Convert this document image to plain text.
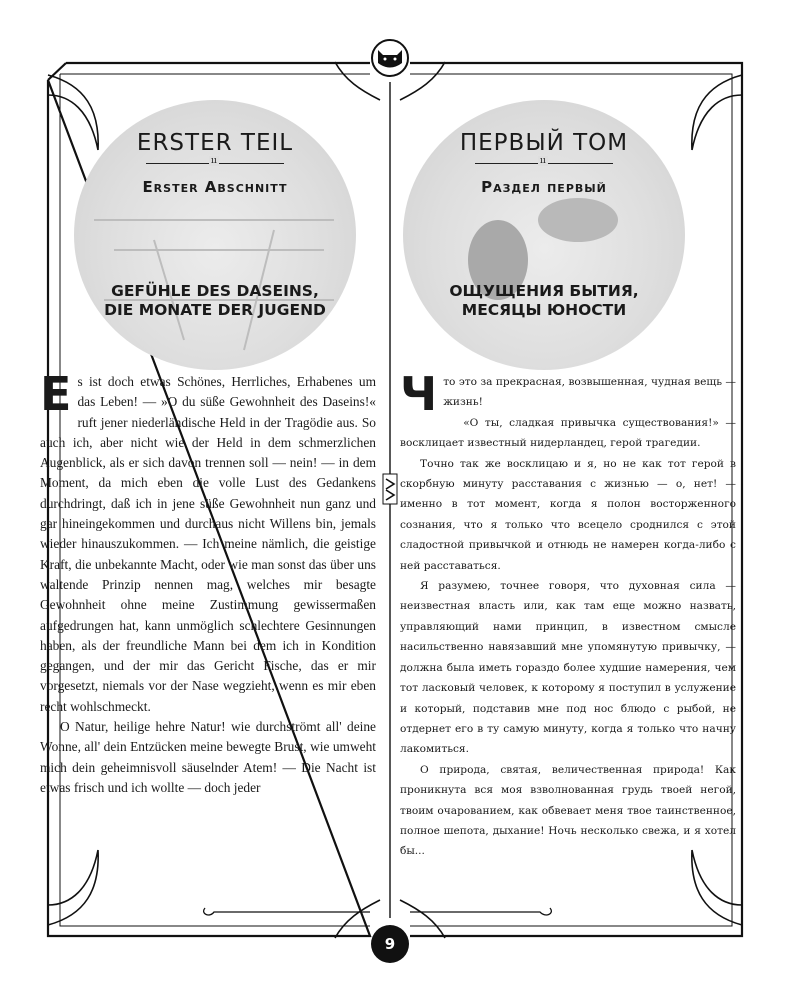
ERSTER TEIL
ıı
Erster Abschnitt
GEFÜHLE DES DASEINS, DIE MONATE DER JUGEND
ПЕРВЫЙ ТОМ
ıı
Раздел первый
ОЩУЩЕНИЯ БЫТИЯ, МЕСЯЦЫ ЮНОСТИ

E s ist doch etwas Schönes, Herrliches, Erhabenes um das Leben! — »O du süße Gewohnheit des Daseins!« ruft jener niederländische Held in der Tragödie aus. So auch ich, aber nicht wie der Held in dem schmerzlichen Augenblick, als er sich davon trennen soll — nein! — in dem Moment, da mich eben die volle Lust des Gedankens durchdringt, daß ich in jene süße Gewohnheit nun ganz und gar hineingekommen und durchaus nicht Willens bin, jemals wieder hinauszukommen. — Ich meine nämlich, die geistige Kraft, die unbekannte Macht, oder wie man sonst das über uns waltende Prinzip nennen mag, welches mir besagte Gewohnheit ohne meine Zustimmung gewissermaßen aufgedrungen hat, kann unmöglich schlechtere Gesinnungen haben, als der freundliche Mann bei dem ich in Kondition gegangen, und der mir das Gericht Fische, das er mir vorgesetzt, niemals vor der Nase wegzieht, wenn es mir eben recht wohlschmeckt.

O Natur, heilige hehre Natur! wie durchströmt all' deine Wonne, all' dein Entzücken meine bewegte Brust, wie umweht mich dein geheimnisvoll säuselnder Atem! — Die Nacht ist etwas frisch und ich wollte — doch jeder

Ч то это за прекрасная, возвышенная, чудная вещь — жизнь!

«О ты, сладкая привычка существования!» — восклицает известный нидерландец, герой трагедии.

Точно так же восклицаю и я, но не как тот герой в скорбную минуту расставания с жизнью — о, нет! — именно в тот момент, когда я полон восторженного сознания, что я только что всецело сроднился с этой сладостной привычкой и отнюдь не намерен когда-либо с ней расставаться.

Я разумею, точнее говоря, что духовная сила — неизвестная власть или, как там еще можно назвать, управляющий нами принцип, в известном смысле насильственно навязавший мне упомянутую привычку, — должна была иметь гораздо более худшие намерения, чем тот ласковый человек, к которому я поступил в услужение и который, подставив мне под нос блюдо с рыбой, не отдернет его в ту самую минуту, когда я только что начну лакомиться.

О природа, святая, величественная природа! Как проникнута вся моя взволнованная грудь твоей негой, твоим очарованием, как обвевает меня твое таинственное, полное шепота, дыхание! Ночь несколько свежа, и я хотел бы...

9
